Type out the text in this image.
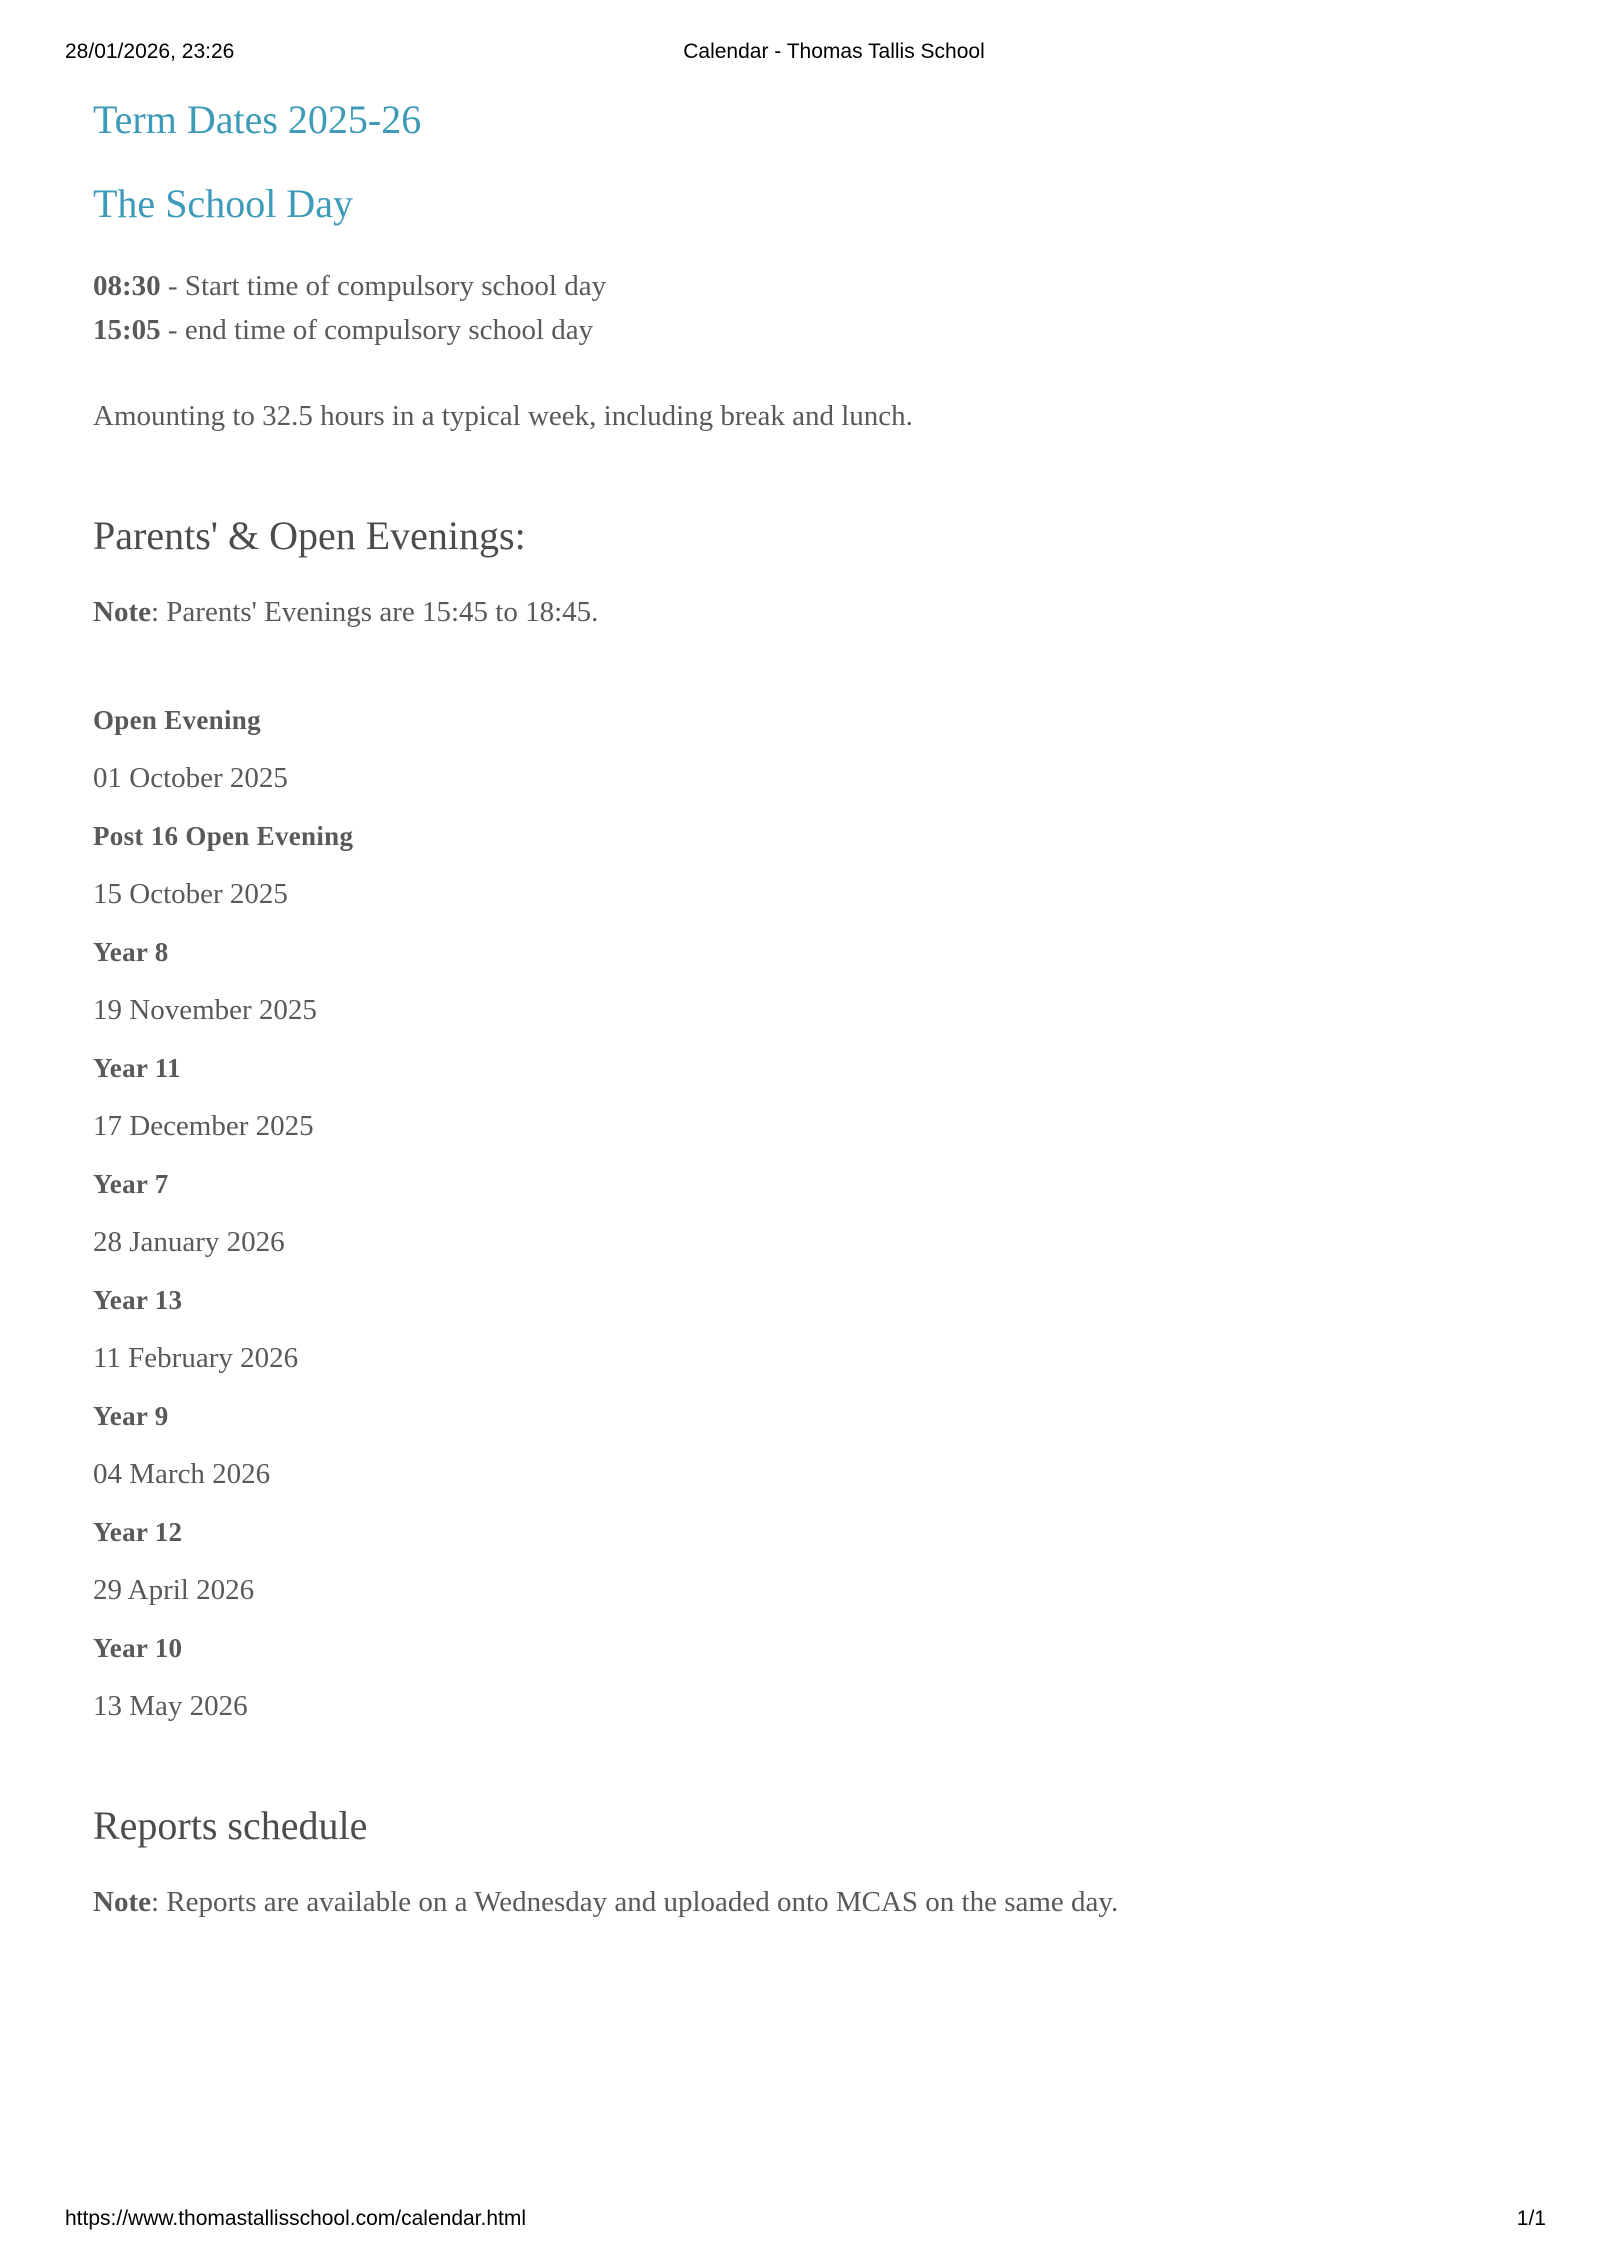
28/01/2026, 23:26	Calendar - Thomas Tallis School
Term Dates 2025-26
The School Day
08:30 - Start time of compulsory school day
15:05 - end time of compulsory school day

Amounting to 32.5 hours in a typical week, including break and lunch.

Parents' & Open Evenings:

Note: Parents' Evenings are 15:45 to 18:45.

Open Evening

01 October 2025

Post 16 Open Evening

15 October 2025

Year 8

19 November 2025

Year 11

17 December 2025

Year 7

28 January 2026

Year 13

11 February 2026

Year 9

04 March 2026

Year 12

29 April 2026

Year 10

13 May 2026

Reports schedule

Note: Reports are available on a Wednesday and uploaded onto MCAS on the same day.

https://www.thomastallisschool.com/calendar.html	1/1
